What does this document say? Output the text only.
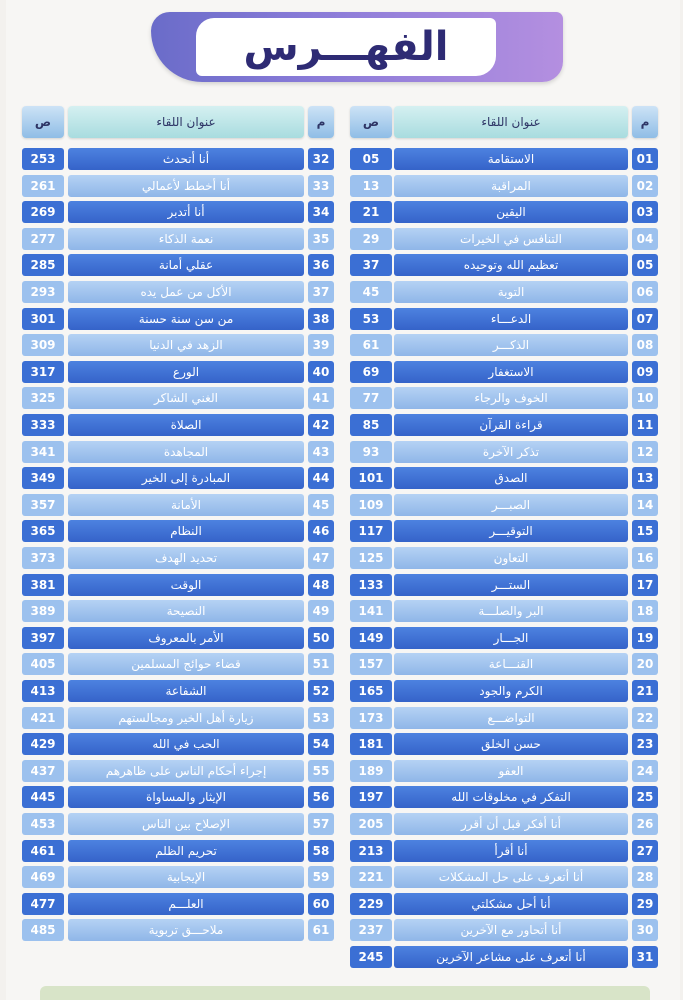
الفهـــرس
ص	عنوان اللقاء	م	ص	عنوان اللقاء	م
253	أنا أتحدث	32
261	أنا أخطط لأعمالي	33
269	أنا أتدبر	34
277	نعمة الذكاء	35
285	عقلي أمانة	36
293	الأكل من عمل يده	37
301	من سن سنة حسنة	38
309	الزهد في الدنيا	39
317	الورع	40
325	الغني الشاكر	41
333	الصلاة	42
341	المجاهدة	43
349	المبادرة إلى الخير	44
357	الأمانة	45
365	النظام	46
373	تحديد الهدف	47
381	الوقت	48
389	النصيحة	49
397	الأمر بالمعروف	50
405	قضاء حوائج المسلمين	51
413	الشفاعة	52
421	زيارة أهل الخير ومجالستهم	53
429	الحب في الله	54
437	إجراء أحكام الناس على ظاهرهم	55
445	الإيثار والمساواة	56
453	الإصلاح بين الناس	57
461	تحريم الظلم	58
469	الإيجابية	59
477	العلـــم	60
485	ملاحـــق تربوية	61
05	الاستقامة	01
13	المراقبة	02
21	اليقين	03
29	التنافس في الخيرات	04
37	تعظيم الله وتوحيده	05
45	التوبة	06
53	الدعـــاء	07
61	الذكـــر	08
69	الاستغفار	09
77	الخوف والرجاء	10
85	قراءة القرآن	11
93	تذكر الآخرة	12
101	الصدق	13
109	الصبـــر	14
117	التوقيـــر	15
125	التعاون	16
133	الستـــر	17
141	البر والصلـــة	18
149	الجـــار	19
157	القنـــاعة	20
165	الكرم والجود	21
173	التواضـــع	22
181	حسن الخلق	23
189	العفو	24
197	التفكر في مخلوقات الله	25
205	أنا أفكر قبل أن أقرر	26
213	أنا أقرأ	27
221	أنا أتعرف على حل المشكلات	28
229	أنا أحل مشكلتي	29
237	أنا أتحاور مع الآخرين	30
245	أنا أتعرف على مشاعر الآخرين	31
